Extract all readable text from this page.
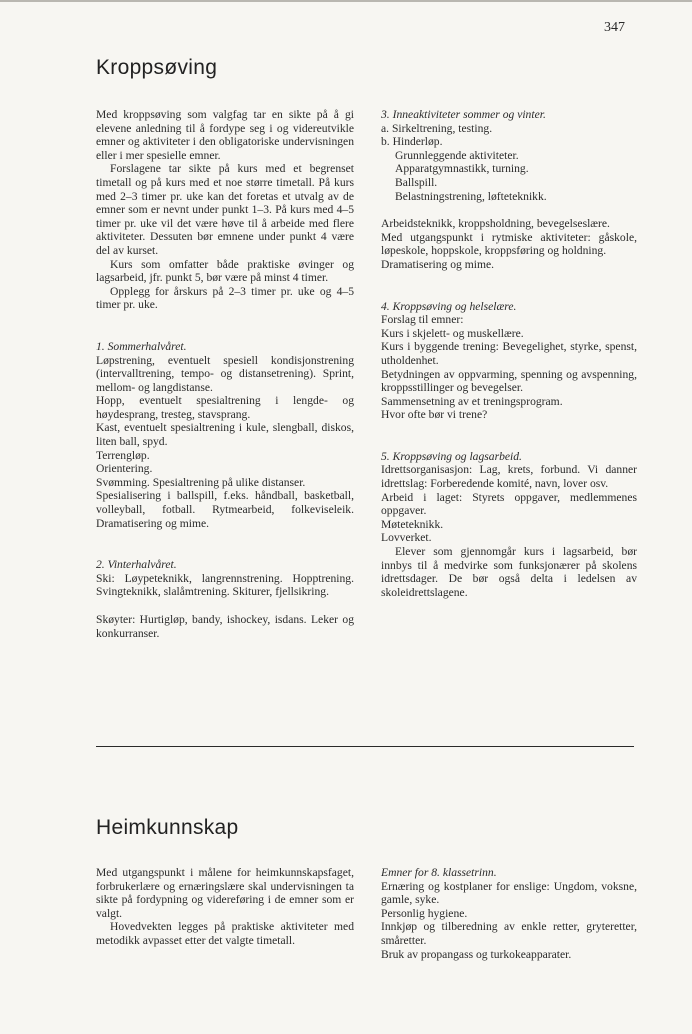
347
Kroppsøving

Med kroppsøving som valgfag tar en sikte på å gi elevene anledning til å fordype seg i og videreutvikle emner og aktiviteter i den obligatoriske undervisningen eller i mer spesielle emner.

Forslagene tar sikte på kurs med et begrenset timetall og på kurs med et noe større timetall. På kurs med 2–3 timer pr. uke kan det foretas et utvalg av de emner som er nevnt under punkt 1–3. På kurs med 4–5 timer pr. uke vil det være høve til å arbeide med flere aktiviteter. Dessuten bør emnene under punkt 4 være del av kurset.

Kurs som omfatter både praktiske øvinger og lagsarbeid, jfr. punkt 5, bør være på minst 4 timer.

Opplegg for årskurs på 2–3 timer pr. uke og 4–5 timer pr. uke.

1. Sommerhalvåret.

Løpstrening, eventuelt spesiell kondisjonstrening (intervalltrening, tempo- og distansetrening). Sprint, mellom- og langdistanse.

Hopp, eventuelt spesialtrening i lengde- og høydesprang, tresteg, stavsprang.

Kast, eventuelt spesialtrening i kule, slengball, diskos, liten ball, spyd.

Terrengløp.

Orientering.

Svømming. Spesialtrening på ulike distanser.

Spesialisering i ballspill, f.eks. håndball, basketball, volleyball, fotball. Rytmearbeid, folkeviseleik. Dramatisering og mime.

2. Vinterhalvåret.

Ski: Løypeteknikk, langrennstrening. Hopptrening. Svingteknikk, slalåmtrening. Skiturer, fjellsikring.

Skøyter: Hurtigløp, bandy, ishockey, isdans. Leker og konkurranser.

3. Inneaktiviteter sommer og vinter.

a. Sirkeltrening, testing.

b. Hinderløp.

Grunnleggende aktiviteter.

Apparatgymnastikk, turning.

Ballspill.

Belastningstrening, løfteteknikk.

Arbeidsteknikk, kroppsholdning, bevegelseslære.

Med utgangspunkt i rytmiske aktiviteter: gåskole, løpeskole, hoppskole, kroppsføring og holdning.

Dramatisering og mime.

4. Kroppsøving og helselære.

Forslag til emner:

Kurs i skjelett- og muskellære.

Kurs i byggende trening: Bevegelighet, styrke, spenst, utholdenhet.

Betydningen av oppvarming, spenning og avspenning, kroppsstillinger og bevegelser.

Sammensetning av et treningsprogram.

Hvor ofte bør vi trene?

5. Kroppsøving og lagsarbeid.

Idrettsorganisasjon: Lag, krets, forbund. Vi danner idrettslag: Forberedende komité, navn, lover osv.

Arbeid i laget: Styrets oppgaver, medlemmenes oppgaver.

Møteteknikk.

Lovverket.

Elever som gjennomgår kurs i lagsarbeid, bør innbys til å medvirke som funksjonærer på skolens idrettsdager. De bør også delta i ledelsen av skoleidrettslagene.

Heimkunnskap

Med utgangspunkt i målene for heimkunnskapsfaget, forbrukerlære og ernæringslære skal undervisningen ta sikte på fordypning og videreføring i de emner som er valgt.

Hovedvekten legges på praktiske aktiviteter med metodikk avpasset etter det valgte timetall.

Emner for 8. klassetrinn.

Ernæring og kostplaner for enslige: Ungdom, voksne, gamle, syke.

Personlig hygiene.

Innkjøp og tilberedning av enkle retter, gryteretter, småretter.

Bruk av propangass og turkokeapparater.
